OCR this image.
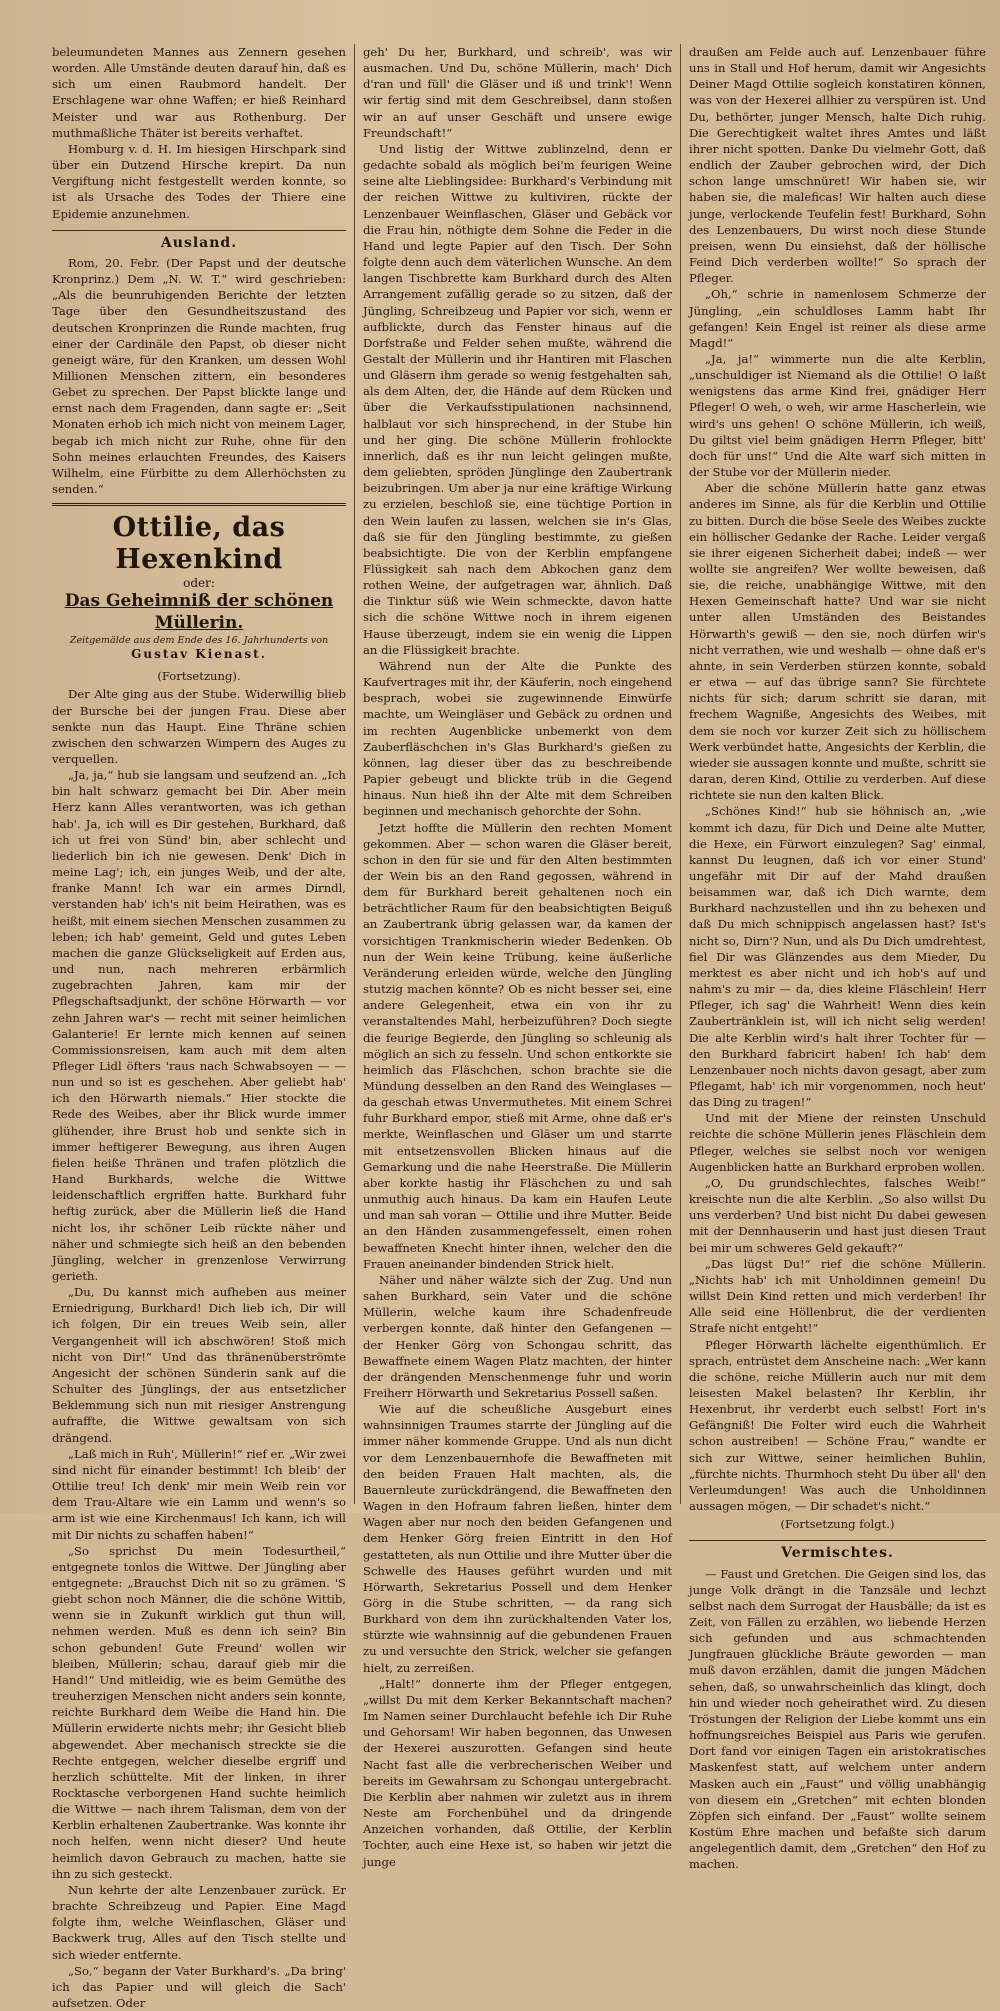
beleumundeten Mannes aus Zennern gesehen worden. Alle Umstände deuten darauf hin, daß es sich um einen Raubmord handelt. Der Erschlagene war ohne Waffen; er hieß Reinhard Meister und war aus Rothenburg. Der muthmaßliche Thäter ist bereits verhaftet.

Homburg v. d. H. Im hiesigen Hirschpark sind über ein Dutzend Hirsche krepirt. Da nun Vergiftung nicht festgestellt werden konnte, so ist als Ursache des Todes der Thiere eine Epidemie anzunehmen.

Ausland.

Rom, 20. Febr. (Der Papst und der deutsche Kronprinz.) Dem „N. W. T.“ wird geschrieben: „Als die beunruhigenden Berichte der letzten Tage über den Gesundheitszustand des deutschen Kronprinzen die Runde machten, frug einer der Cardinäle den Papst, ob dieser nicht geneigt wäre, für den Kranken, um dessen Wohl Millionen Menschen zittern, ein besonderes Gebet zu sprechen. Der Papst blickte lange und ernst nach dem Fragenden, dann sagte er: „Seit Monaten erhob ich mich nicht von meinem Lager, begab ich mich nicht zur Ruhe, ohne für den Sohn meines erlauchten Freundes, des Kaisers Wilhelm, eine Fürbitte zu dem Allerhöchsten zu senden.“

Ottilie, das Hexenkind
oder:
Das Geheimniß der schönen Müllerin.
Zeitgemälde aus dem Ende des 16. Jahrhunderts von
Gustav Kienast.
(Fortsetzung).

Der Alte ging aus der Stube. Widerwillig blieb der Bursche bei der jungen Frau. Diese aber senkte nun das Haupt. Eine Thräne schien zwischen den schwarzen Wimpern des Auges zu verquellen.

„Ja, ja,“ hub sie langsam und seufzend an. „Ich bin halt schwarz gemacht bei Dir. Aber mein Herz kann Alles verantworten, was ich gethan hab'. Ja, ich will es Dir gestehen, Burkhard, daß ich ut frei von Sünd' bin, aber schlecht und liederlich bin ich nie gewesen. Denk' Dich in meine Lag'; ich, ein junges Weib, und der alte, franke Mann! Ich war ein armes Dirndl, verstanden hab' ich's nit beim Heirathen, was es heißt, mit einem siechen Menschen zusammen zu leben; ich hab' gemeint, Geld und gutes Leben machen die ganze Glückseligkeit auf Erden aus, und nun, nach mehreren erbärmlich zugebrachten Jahren, kam mir der Pflegschaftsadjunkt, der schöne Hörwarth — vor zehn Jahren war's — recht mit seiner heimlichen Galanterie! Er lernte mich kennen auf seinen Commissionsreisen, kam auch mit dem alten Pfleger Lidl öfters 'raus nach Schwabsoyen — — nun und so ist es geschehen. Aber geliebt hab' ich den Hörwarth niemals.“ Hier stockte die Rede des Weibes, aber ihr Blick wurde immer glühender, ihre Brust hob und senkte sich in immer heftigerer Bewegung, aus ihren Augen fielen heiße Thränen und trafen plötzlich die Hand Burkhards, welche die Wittwe leidenschaftlich ergriffen hatte. Burkhard fuhr heftig zurück, aber die Müllerin ließ die Hand nicht los, ihr schöner Leib rückte näher und näher und schmiegte sich heiß an den bebenden Jüngling, welcher in grenzenlose Verwirrung gerieth.

„Du, Du kannst mich aufheben aus meiner Erniedrigung, Burkhard! Dich lieb ich, Dir will ich folgen, Dir ein treues Weib sein, aller Vergangenheit will ich abschwören! Stoß mich nicht von Dir!“ Und das thränenüberströmte Angesicht der schönen Sünderin sank auf die Schulter des Jünglings, der aus entsetzlicher Beklemmung sich nun mit riesiger Anstrengung aufraffte, die Wittwe gewaltsam von sich drängend.

„Laß mich in Ruh', Müllerin!“ rief er. „Wir zwei sind nicht für einander bestimmt! Ich bleib' der Ottilie treu! Ich denk' mir mein Weib rein vor dem Trau-Altare wie ein Lamm und wenn's so arm ist wie eine Kirchenmaus! Ich kann, ich will mit Dir nichts zu schaffen haben!“

„So sprichst Du mein Todesurtheil,“ entgegnete tonlos die Wittwe. Der Jüngling aber entgegnete: „Brauchst Dich nit so zu grämen. 'S giebt schon noch Männer, die die schöne Wittib, wenn sie in Zukunft wirklich gut thun will, nehmen werden. Muß es denn ich sein? Bin schon gebunden! Gute Freund' wollen wir bleiben, Müllerin; schau, darauf gieb mir die Hand!“ Und mitleidig, wie es beim Gemüthe des treuherzigen Menschen nicht anders sein konnte, reichte Burkhard dem Weibe die Hand hin. Die Müllerin erwiderte nichts mehr; ihr Gesicht blieb abgewendet. Aber mechanisch streckte sie die Rechte entgegen, welcher dieselbe ergriff und herzlich schüttelte. Mit der linken, in ihrer Rocktasche verborgenen Hand suchte heimlich die Wittwe — nach ihrem Talisman, dem von der Kerblin erhaltenen Zaubertranke. Was konnte ihr noch helfen, wenn nicht dieser? Und heute heimlich davon Gebrauch zu machen, hatte sie ihn zu sich gesteckt.

Nun kehrte der alte Lenzenbauer zurück. Er brachte Schreibzeug und Papier. Eine Magd folgte ihm, welche Weinflaschen, Gläser und Backwerk trug, Alles auf den Tisch stellte und sich wieder entfernte.

„So,“ begann der Vater Burkhard's. „Da bring' ich das Papier und will gleich die Sach' aufsetzen. Oder

geh' Du her, Burkhard, und schreib', was wir ausmachen. Und Du, schöne Müllerin, mach' Dich d'ran und füll' die Gläser und iß und trink'! Wenn wir fertig sind mit dem Geschreibsel, dann stoßen wir an auf unser Geschäft und unsere ewige Freundschaft!“

Und listig der Wittwe zublinzelnd, denn er gedachte sobald als möglich bei'm feurigen Weine seine alte Lieblingsidee: Burkhard's Verbindung mit der reichen Wittwe zu kultiviren, rückte der Lenzenbauer Weinflaschen, Gläser und Gebäck vor die Frau hin, nöthigte dem Sohne die Feder in die Hand und legte Papier auf den Tisch. Der Sohn folgte denn auch dem väterlichen Wunsche. An dem langen Tischbrette kam Burkhard durch des Alten Arrangement zufällig gerade so zu sitzen, daß der Jüngling, Schreibzeug und Papier vor sich, wenn er aufblickte, durch das Fenster hinaus auf die Dorfstraße und Felder sehen mußte, während die Gestalt der Müllerin und ihr Hantiren mit Flaschen und Gläsern ihm gerade so wenig festgehalten sah, als dem Alten, der, die Hände auf dem Rücken und über die Verkaufsstipulationen nachsinnend, halblaut vor sich hinsprechend, in der Stube hin und her ging. Die schöne Müllerin frohlockte innerlich, daß es ihr nun leicht gelingen mußte, dem geliebten, spröden Jünglinge den Zaubertrank beizubringen. Um aber ja nur eine kräftige Wirkung zu erzielen, beschloß sie, eine tüchtige Portion in den Wein laufen zu lassen, welchen sie in's Glas, daß sie für den Jüngling bestimmte, zu gießen beabsichtigte. Die von der Kerblin empfangene Flüssigkeit sah nach dem Abkochen ganz dem rothen Weine, der aufgetragen war, ähnlich. Daß die Tinktur süß wie Wein schmeckte, davon hatte sich die schöne Wittwe noch in ihrem eigenen Hause überzeugt, indem sie ein wenig die Lippen an die Flüssigkeit brachte.

Während nun der Alte die Punkte des Kaufvertrages mit ihr, der Käuferin, noch eingehend besprach, wobei sie zugewinnende Einwürfe machte, um Weingläser und Gebäck zu ordnen und im rechten Augenblicke unbemerkt von dem Zauberfläschchen in's Glas Burkhard's gießen zu können, lag dieser über das zu beschreibende Papier gebeugt und blickte trüb in die Gegend hinaus. Nun hieß ihn der Alte mit dem Schreiben beginnen und mechanisch gehorchte der Sohn.

Jetzt hoffte die Müllerin den rechten Moment gekommen. Aber — schon waren die Gläser bereit, schon in den für sie und für den Alten bestimmten der Wein bis an den Rand gegossen, während in dem für Burkhard bereit gehaltenen noch ein beträchtlicher Raum für den beabsichtigten Beiguß an Zaubertrank übrig gelassen war, da kamen der vorsichtigen Trankmischerin wieder Bedenken. Ob nun der Wein keine Trübung, keine äußerliche Veränderung erleiden würde, welche den Jüngling stutzig machen könnte? Ob es nicht besser sei, eine andere Gelegenheit, etwa ein von ihr zu veranstaltendes Mahl, herbeizuführen? Doch siegte die feurige Begierde, den Jüngling so schleunig als möglich an sich zu fesseln. Und schon entkorkte sie heimlich das Fläschchen, schon brachte sie die Mündung desselben an den Rand des Weinglases — da geschah etwas Unvermuthetes. Mit einem Schrei fuhr Burkhard empor, stieß mit Arme, ohne daß er's merkte, Weinflaschen und Gläser um und starrte mit entsetzensvollen Blicken hinaus auf die Gemarkung und die nahe Heerstraße. Die Müllerin aber korkte hastig ihr Fläschchen zu und sah unmuthig auch hinaus. Da kam ein Haufen Leute und man sah voran — Ottilie und ihre Mutter. Beide an den Händen zusammengefesselt, einen rohen bewaffneten Knecht hinter ihnen, welcher den die Frauen aneinander bindenden Strick hielt.

Näher und näher wälzte sich der Zug. Und nun sahen Burkhard, sein Vater und die schöne Müllerin, welche kaum ihre Schadenfreude verbergen konnte, daß hinter den Gefangenen — der Henker Görg von Schongau schritt, das Bewaffnete einem Wagen Platz machten, der hinter der drängenden Menschenmenge fuhr und worin Freiherr Hörwarth und Sekretarius Possell saßen.

Wie auf die scheußliche Ausgeburt eines wahnsinnigen Traumes starrte der Jüngling auf die immer näher kommende Gruppe. Und als nun dicht vor dem Lenzenbauernhofe die Bewaffneten mit den beiden Frauen Halt machten, als, die Bauernleute zurückdrängend, die Bewaffneten den Wagen in den Hofraum fahren ließen, hinter dem Wagen aber nur noch den beiden Gefangenen und dem Henker Görg freien Eintritt in den Hof gestatteten, als nun Ottilie und ihre Mutter über die Schwelle des Hauses geführt wurden und mit Hörwarth, Sekretarius Possell und dem Henker Görg in die Stube schritten, — da rang sich Burkhard von dem ihn zurückhaltenden Vater los, stürzte wie wahnsinnig auf die gebundenen Frauen zu und versuchte den Strick, welcher sie gefangen hielt, zu zerreißen.

„Halt!“ donnerte ihm der Pfleger entgegen, „willst Du mit dem Kerker Bekanntschaft machen? Im Namen seiner Durchlaucht befehle ich Dir Ruhe und Gehorsam! Wir haben begonnen, das Unwesen der Hexerei auszurotten. Gefangen sind heute Nacht fast alle die verbrecherischen Weiber und bereits im Gewahrsam zu Schongau untergebracht. Die Kerblin aber nahmen wir zuletzt aus in ihrem Neste am Forchenbühel und da dringende Anzeichen vorhanden, daß Ottilie, der Kerblin Tochter, auch eine Hexe ist, so haben wir jetzt die junge

draußen am Felde auch auf. Lenzenbauer führe uns in Stall und Hof herum, damit wir Angesichts Deiner Magd Ottilie sogleich konstatiren können, was von der Hexerei allhier zu verspüren ist. Und Du, bethörter, junger Mensch, halte Dich ruhig. Die Gerechtigkeit waltet ihres Amtes und läßt ihrer nicht spotten. Danke Du vielmehr Gott, daß endlich der Zauber gebrochen wird, der Dich schon lange umschnüret! Wir haben sie, wir haben sie, die maleficas! Wir halten auch diese junge, verlockende Teufelin fest! Burkhard, Sohn des Lenzenbauers, Du wirst noch diese Stunde preisen, wenn Du einsiehst, daß der höllische Feind Dich verderben wollte!“ So sprach der Pfleger.

„Oh,“ schrie in namenlosem Schmerze der Jüngling, „ein schuldloses Lamm habt Ihr gefangen! Kein Engel ist reiner als diese arme Magd!“

„Ja, ja!“ wimmerte nun die alte Kerblin, „unschuldiger ist Niemand als die Ottilie! O laßt wenigstens das arme Kind frei, gnädiger Herr Pfleger! O weh, o weh, wir arme Hascherlein, wie wird's uns gehen! O schöne Müllerin, ich weiß, Du giltst viel beim gnädigen Herrn Pfleger, bitt' doch für uns!“ Und die Alte warf sich mitten in der Stube vor der Müllerin nieder.

Aber die schöne Müllerin hatte ganz etwas anderes im Sinne, als für die Kerblin und Ottilie zu bitten. Durch die böse Seele des Weibes zuckte ein höllischer Gedanke der Rache. Leider vergaß sie ihrer eigenen Sicherheit dabei; indeß — wer wollte sie angreifen? Wer wollte beweisen, daß sie, die reiche, unabhängige Wittwe, mit den Hexen Gemeinschaft hatte? Und war sie nicht unter allen Umständen des Beistandes Hörwarth's gewiß — den sie, noch dürfen wir's nicht verrathen, wie und weshalb — ohne daß er's ahnte, in sein Verderben stürzen konnte, sobald er etwa — auf das übrige sann? Sie fürchtete nichts für sich; darum schritt sie daran, mit frechem Wagniße, Angesichts des Weibes, mit dem sie noch vor kurzer Zeit sich zu höllischem Werk verbündet hatte, Angesichts der Kerblin, die wieder sie aussagen konnte und mußte, schritt sie daran, deren Kind, Ottilie zu verderben. Auf diese richtete sie nun den kalten Blick.

„Schönes Kind!“ hub sie höhnisch an, „wie kommt ich dazu, für Dich und Deine alte Mutter, die Hexe, ein Fürwort einzulegen? Sag' einmal, kannst Du leugnen, daß ich vor einer Stund' ungefähr mit Dir auf der Mahd draußen beisammen war, daß ich Dich warnte, dem Burkhard nachzustellen und ihn zu behexen und daß Du mich schnippisch angelassen hast? Ist's nicht so, Dirn'? Nun, und als Du Dich umdrehtest, fiel Dir was Glänzendes aus dem Mieder, Du merktest es aber nicht und ich hob's auf und nahm's zu mir — da, dies kleine Fläschlein! Herr Pfleger, ich sag' die Wahrheit! Wenn dies kein Zaubertränklein ist, will ich nicht selig werden! Die alte Kerblin wird's halt ihrer Tochter für — den Burkhard fabricirt haben! Ich hab' dem Lenzenbauer noch nichts davon gesagt, aber zum Pflegamt, hab' ich mir vorgenommen, noch heut' das Ding zu tragen!“

Und mit der Miene der reinsten Unschuld reichte die schöne Müllerin jenes Fläschlein dem Pfleger, welches sie selbst noch vor wenigen Augenblicken hatte an Burkhard erproben wollen.

„O, Du grundschlechtes, falsches Weib!“ kreischte nun die alte Kerblin. „So also willst Du uns verderben? Und bist nicht Du dabei gewesen mit der Dennhauserin und hast just diesen Traut bei mir um schweres Geld gekauft?“

„Das lügst Du!“ rief die schöne Müllerin. „Nichts hab' ich mit Unholdinnen gemein! Du willst Dein Kind retten und mich verderben! Ihr Alle seid eine Höllenbrut, die der verdienten Strafe nicht entgeht!“

Pfleger Hörwarth lächelte eigenthümlich. Er sprach, entrüstet dem Anscheine nach: „Wer kann die schöne, reiche Müllerin auch nur mit dem leisesten Makel belasten? Ihr Kerblin, ihr Hexenbrut, ihr verderbt euch selbst! Fort in's Gefängniß! Die Folter wird euch die Wahrheit schon austreiben! — Schöne Frau,“ wandte er sich zur Wittwe, seiner heimlichen Buhlin, „fürchte nichts. Thurmhoch steht Du über all' den Verleumdungen! Was auch die Unholdinnen aussagen mögen, — Dir schadet's nicht.“

(Fortsetzung folgt.)
Vermischtes.

— Faust und Gretchen. Die Geigen sind los, das junge Volk drängt in die Tanzsäle und lechzt selbst nach dem Surrogat der Hausbälle; da ist es Zeit, von Fällen zu erzählen, wo liebende Herzen sich gefunden und aus schmachtenden Jungfrauen glückliche Bräute geworden — man muß davon erzählen, damit die jungen Mädchen sehen, daß, so unwahrscheinlich das klingt, doch hin und wieder noch geheirathet wird. Zu diesen Tröstungen der Religion der Liebe kommt uns ein hoffnungsreiches Beispiel aus Paris wie gerufen. Dort fand vor einigen Tagen ein aristokratisches Maskenfest statt, auf welchem unter andern Masken auch ein „Faust“ und völlig unabhängig von diesem ein „Gretchen“ mit echten blonden Zöpfen sich einfand. Der „Faust“ wollte seinem Kostüm Ehre machen und befaßte sich darum angelegentlich damit, dem „Gretchen“ den Hof zu machen.
